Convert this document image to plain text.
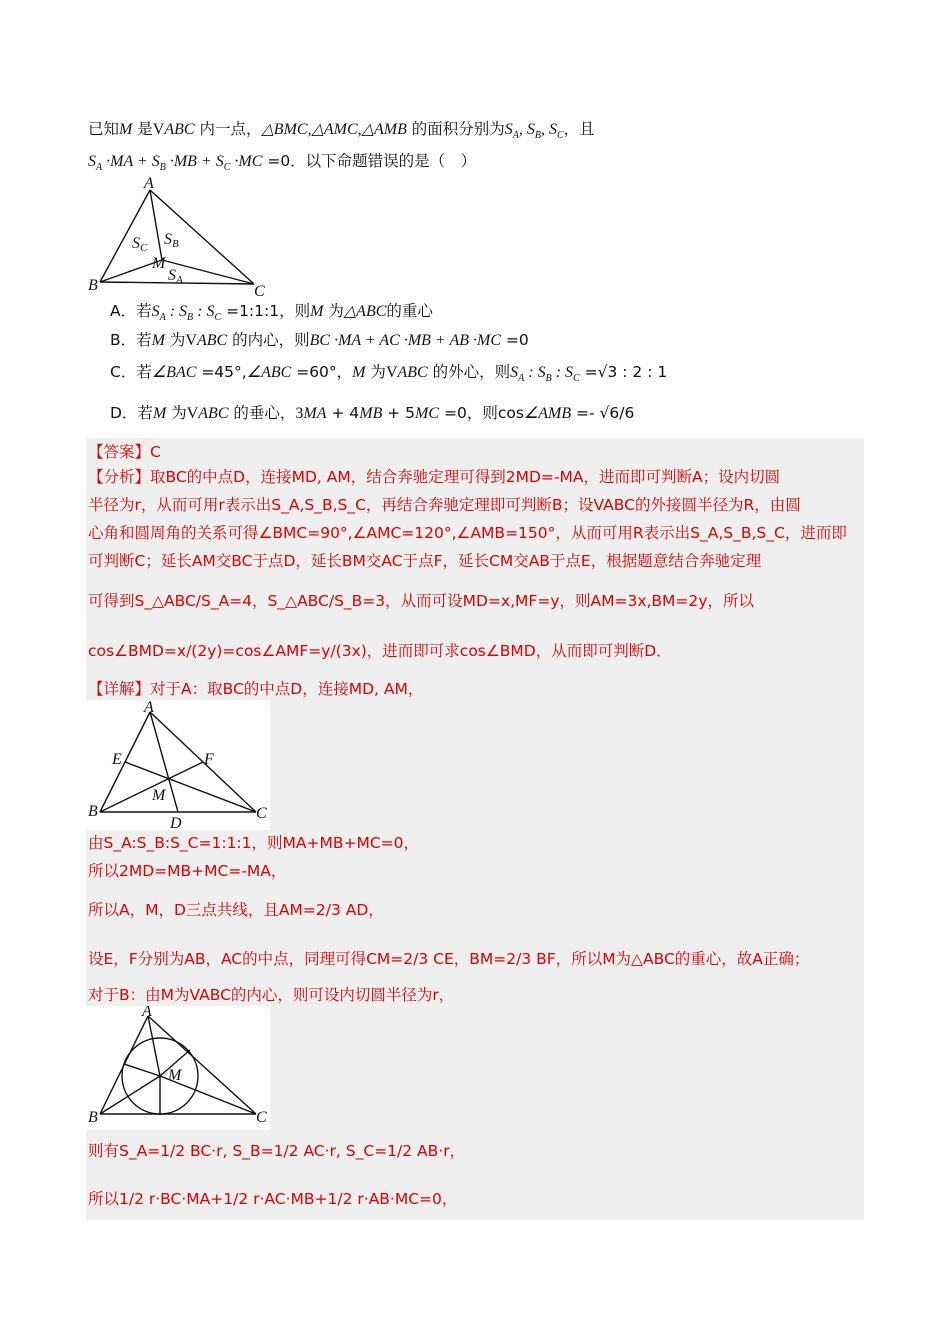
已知M 是VABC 内一点，△BMC,△AMC,△AMB 的面积分别为$S_A$, $S_B$, $S_C$，且
$S_A \cdot MA + S_B \cdot MB + S_C \cdot MC =0$．以下命题错误的是（　）
A
B	C
M
SC SB
SA
A．若$S_A$ : $S_B$ : $S_C$ =1:1:1，则M 为△ABC的重心
B．若M 为VABC 的内心，则BC ·MA + AC ·MB + AB ·MC =0
C．若∠BAC =45°,∠ABC =60°，M 为VABC 的外心，则$S_A$ : $S_B$ : $S_C =√3$ : 2 : 1
D．若M 为VABC 的垂心，3MA + 4MB + 5MC =0，则cos∠AMB =- √6/6
【答案】C
【分析】取BC的中点D，连接MD, AM，结合奔驰定理可得到2MD=-MA，进而即可判断A；设内切圆
半径为r，从而可用r表示出S_A,S_B,S_C，再结合奔驰定理即可判断B；设VABC的外接圆半径为R，由圆
心角和圆周角的关系可得∠BMC=90°,∠AMC=120°,∠AMB=150°，从而可用R表示出S_A,S_B,S_C，进而即
可判断C；延长AM交BC于点D，延长BM交AC于点F，延长CM交AB于点E，根据题意结合奔驰定理
可得到S_△ABC/S_A=4，S_△ABC/S_B=3，从而可设MD=x,MF=y，则AM=3x,BM=2y，所以
cos∠BMD=x/(2y)=cos∠AMF=y/(3x)，进而即可求cos∠BMD，从而即可判断D．
【详解】对于A：取BC的中点D，连接MD, AM，
A
B	C
M
D
E	F
由S_A:S_B:S_C=1:1:1，则MA+MB+MC=0，
所以2MD=MB+MC=-MA，
所以A，M，D三点共线，且AM=2/3 AD，
设E，F分别为AB，AC的中点，同理可得CM=2/3 CE，BM=2/3 BF，所以M为△ABC的重心，故A正确；
对于B：由M为VABC的内心，则可设内切圆半径为r，
A
B	C
M
则有S_A=1/2 BC·r, S_B=1/2 AC·r, S_C=1/2 AB·r，
所以1/2 r·BC·MA+1/2 r·AC·MB+1/2 r·AB·MC=0，
